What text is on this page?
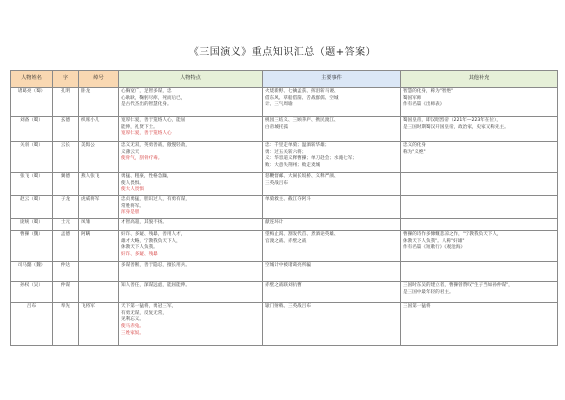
《三国演义》重点知识汇总（题+答案）
人物姓名	字	绰号	人物特点	主要事件	其他补充
诸葛亮（蜀）	孔明	卧龙	心胸宽广，足智多谋，忠
心耿耿，鞠躬尽瘁，死而后已，
是古代杰出的智慧化身。	火烧新野、七擒孟获、挥泪斩马谡、
借东风、草船借箭、舌战群儒、空城
计、三气周瑜	智慧的化身，称为"智绝"
蜀国军师
作有名篇《出师表》

刘备（蜀）	玄德	织席小儿	宽厚仁爱，善于笼络人心，能屈
能伸，礼贤下士。
宽厚仁爱，善于笼络人心	桃园三结义、三顾茅庐、携民渡江、
白帝城托孤	蜀国皇帝，即汉昭烈帝（221年—223年在位），
是三国时期蜀汉开国皇帝，政治家，史家又称先主。

关羽（蜀）	云长	美髯公	忠义无双，英勇善战，傲慢轻敌，
义薄云天
使骨气，刮骨疗毒。	忠：千里走单骑；温酒斩华雄；
勇：过五关斩六将；
义：华容道义释曹操；单刀赴会；水淹七军；
败：大意失荆州；败走麦城	忠义的化身
称为"义绝"

张飞（蜀）	翼德	燕人张飞	勇猛、粗豪，性格急躁，
使人畏惧。
使大人畏惧	怒鞭督邮、大闹长坂桥、义释严颜、
三英战吕布	

赵云（蜀）	子龙	虎威将军	忠贞勇猛，胆识过人，有勇有谋，
常胜将军。
浑身是胆	单骑救主、截江夺阿斗	

庞统（蜀）	士元	凤雏	才智高超，其貌不扬。	献连环计	

曹操（魏）	孟德	阿瞒	奸诈、多疑、残暴，善用人才，
雄才大略，宁教我负天下人，
休教天下人负我。
奸诈、多疑、残暴	望梅止渴、割发代首、煮酒论英雄、
官渡之战、赤壁之战	曹操的诗作多慷慨悲凉之作，"宁教我负天下人，
休教天下人负我"。人称"奸雄"
作有名篇《短歌行》《观沧海》

司马懿（魏）	仲达		多谋善断，善于隐忍，擅长用兵。	空城计中被诸葛亮所骗	

孙权（吴）	仲谋		知人善任，深谋远虑，能屈能伸。	赤壁之战联刘抗曹	三国时东吴的建立者，曹操曾赞叹"生子当如孙仲谋"，
是三国中最年轻的君主。

吕布	奉先	飞将军	天下第一猛将，勇冠三军，
有勇无谋，反复无常，
见利忘义。
使马赤兔。
三姓家奴。	辕门射戟、三英战吕布	三国第一猛将
